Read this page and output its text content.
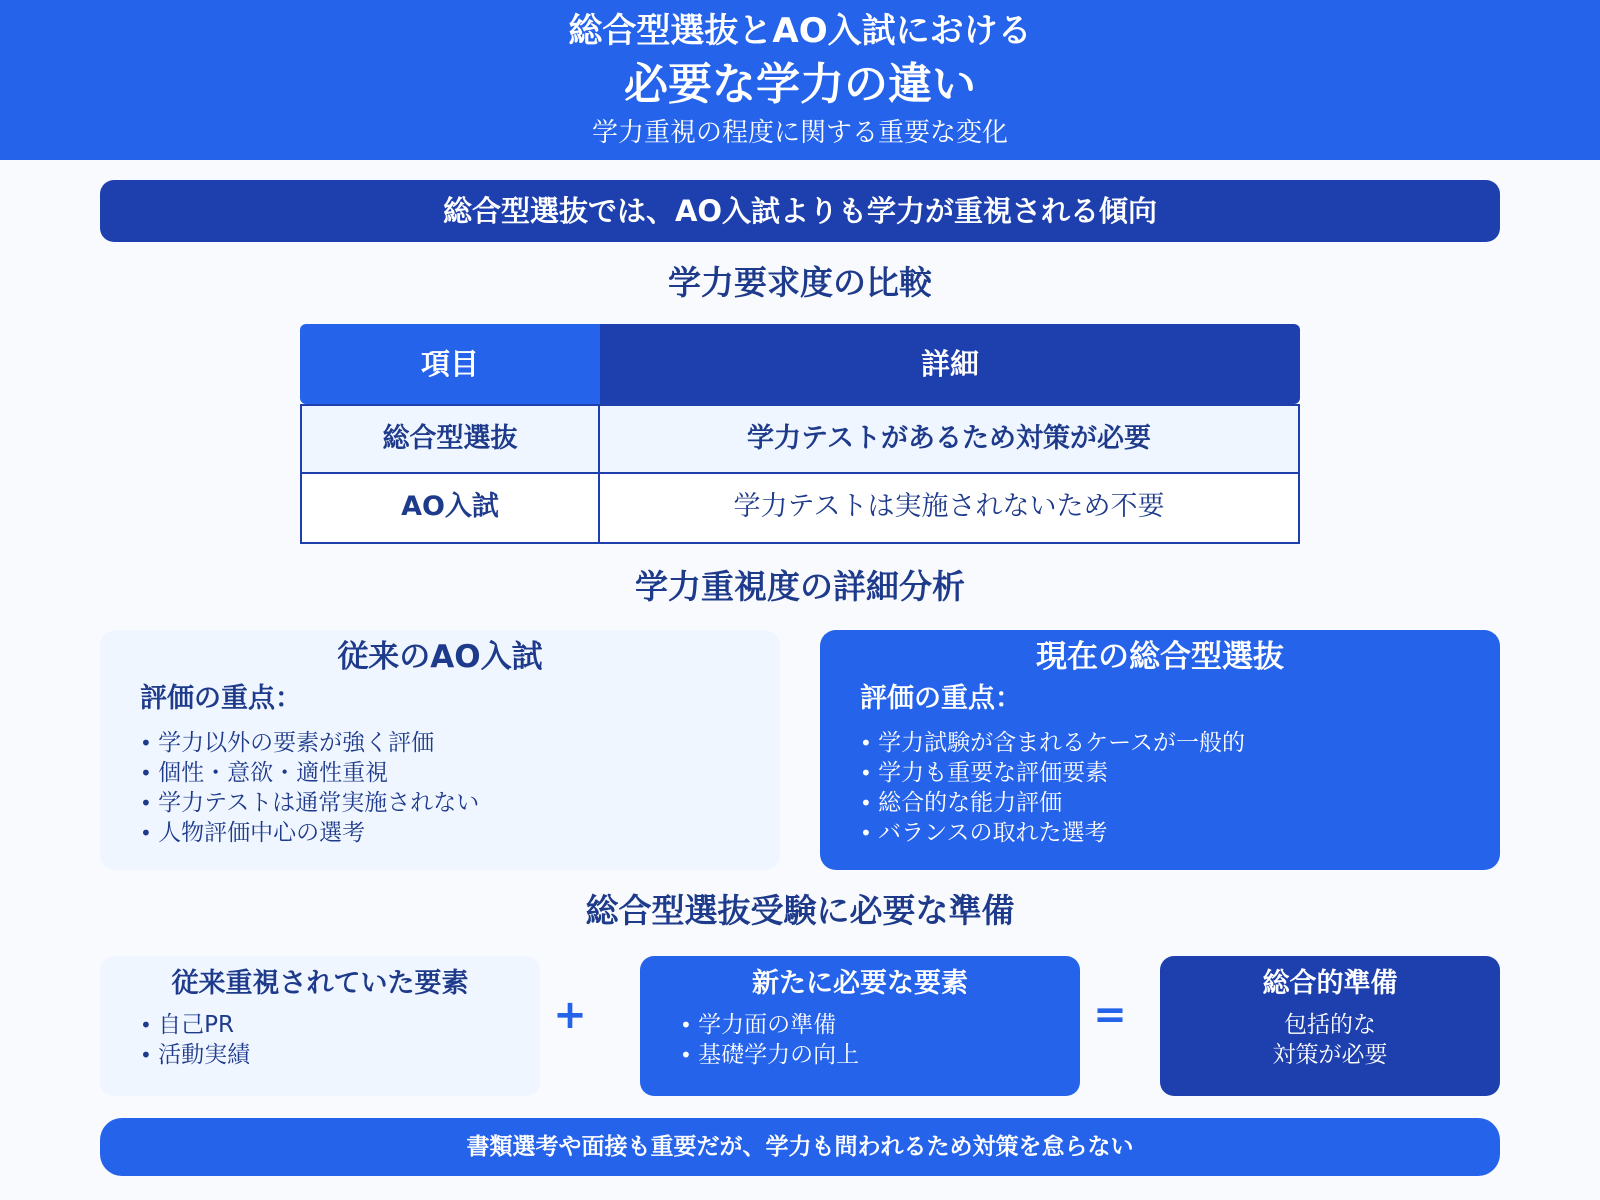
総合型選抜とAO入試における
必要な学力の違い
学力重視の程度に関する重要な変化
総合型選抜では、AO入試よりも学力が重視される傾向
学力要求度の比較
項目	詳細
総合型選抜	学力テストがあるため対策が必要
AO入試	学力テストは実施されないため不要
学力重視度の詳細分析
従来のAO入試
評価の重点：
• 学力以外の要素が強く評価
• 個性・意欲・適性重視
• 学力テストは通常実施されない
• 人物評価中心の選考
現在の総合型選抜
評価の重点：
• 学力試験が含まれるケースが一般的
• 学力も重要な評価要素
• 総合的な能力評価
• バランスの取れた選考
総合型選抜受験に必要な準備
従来重視されていた要素
• 自己PR
• 活動実績
+
新たに必要な要素
• 学力面の準備
• 基礎学力の向上
=
総合的準備
包括的な
対策が必要
書類選考や面接も重要だが、学力も問われるため対策を怠らない
